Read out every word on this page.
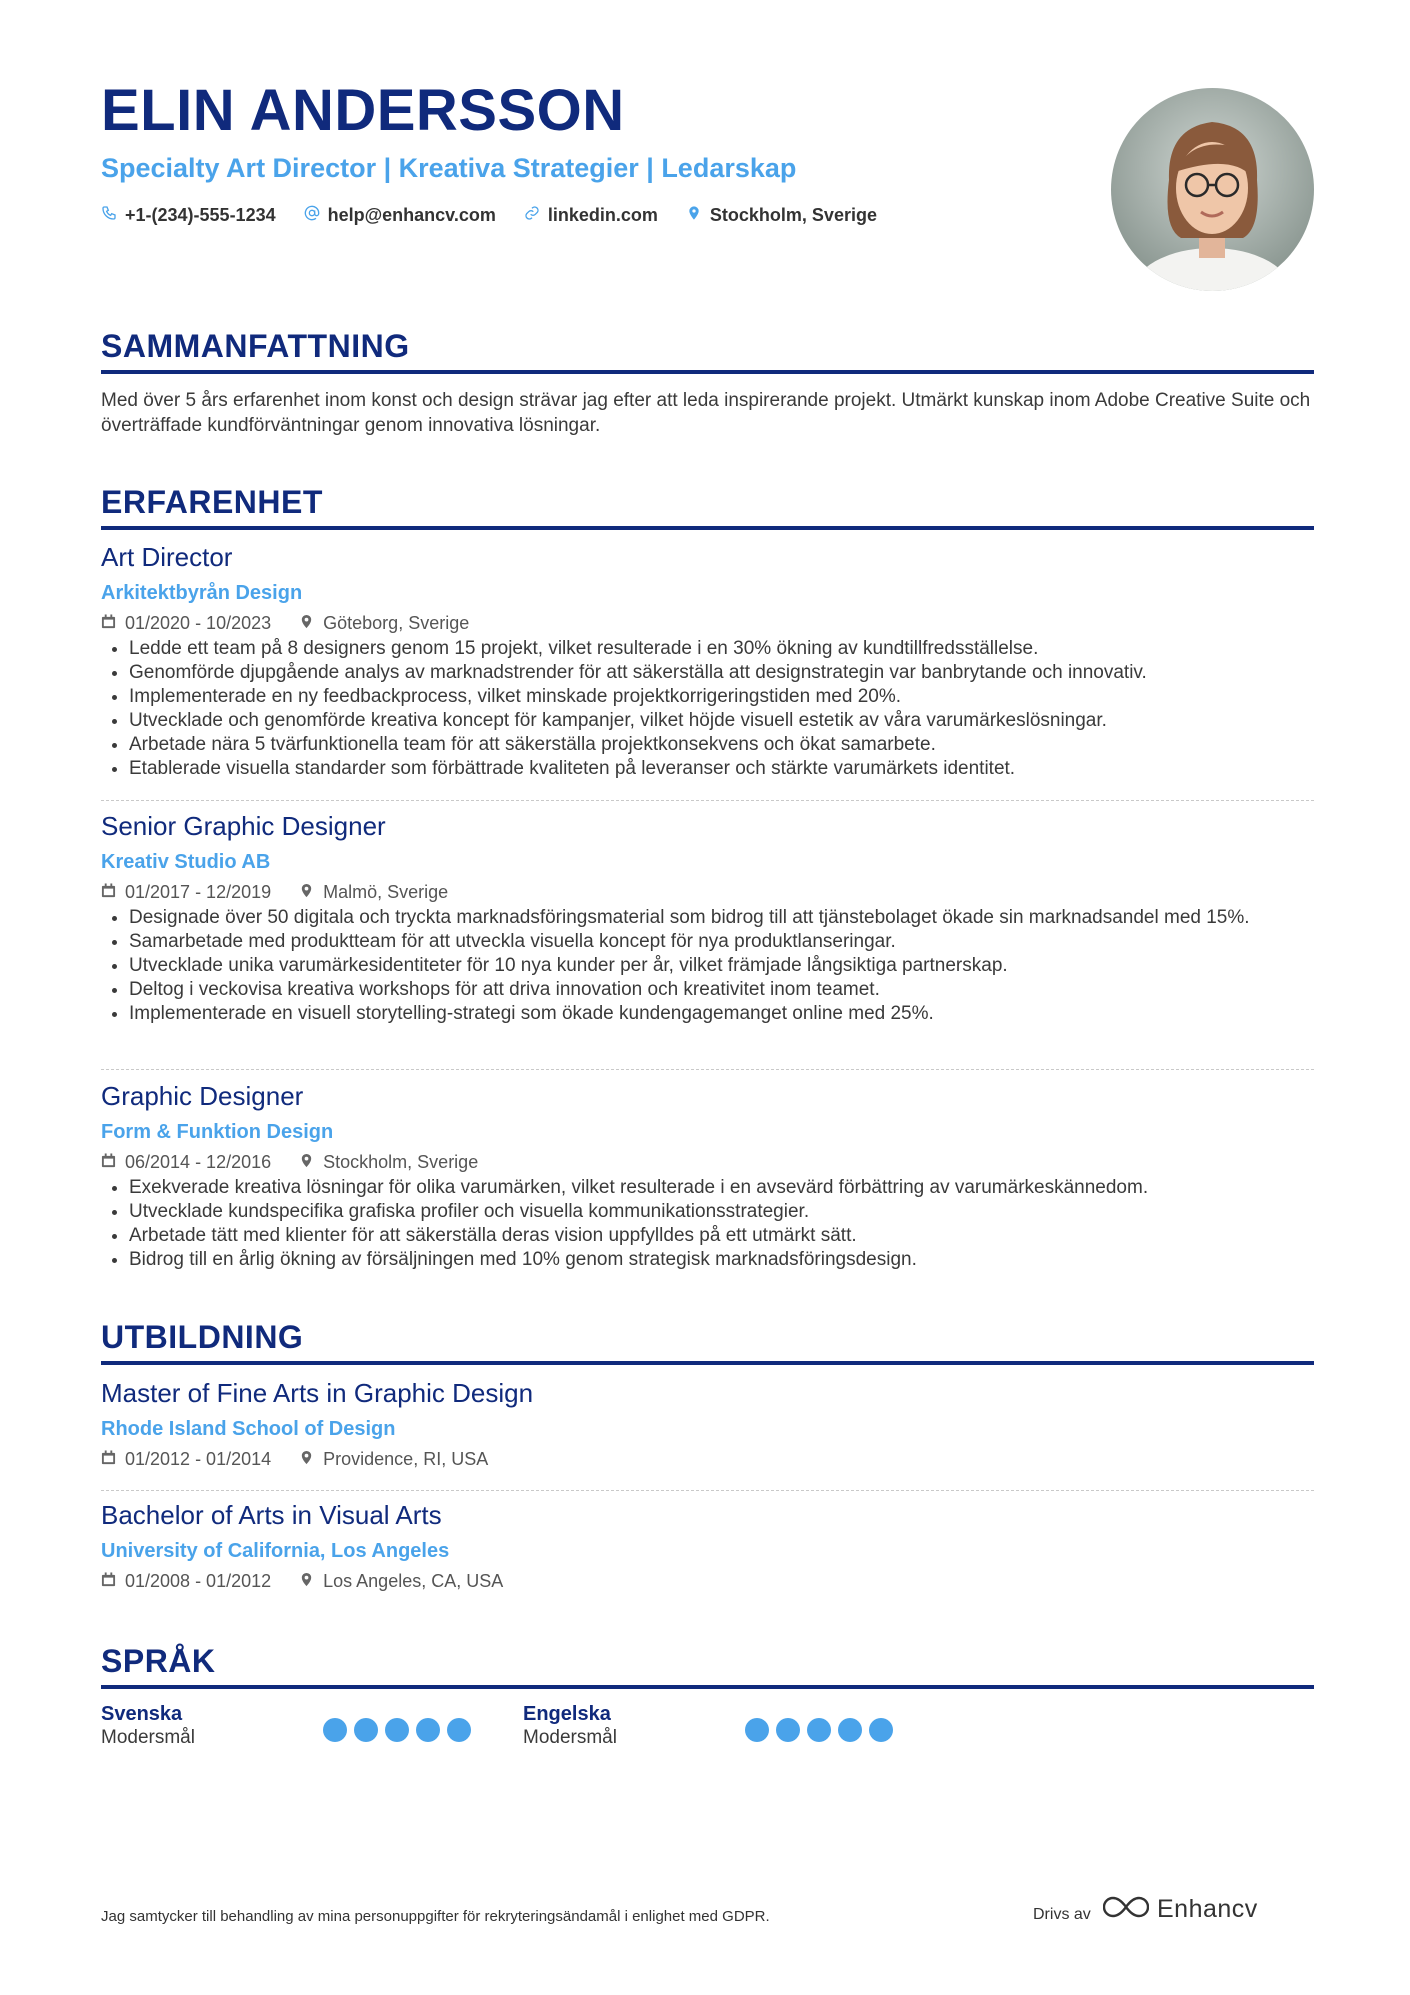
ELIN ANDERSSON
Specialty Art Director | Kreativa Strategier | Ledarskap
+1-(234)-555-1234	help@enhancv.com	linkedin.com	Stockholm, Sverige
SAMMANFATTNING

Med över 5 års erfarenhet inom konst och design strävar jag efter att leda inspirerande projekt. Utmärkt kunskap inom Adobe Creative Suite och överträffade kundförväntningar genom innovativa lösningar.

ERFARENHET
Art Director
Arkitektbyrån Design
01/2020 - 10/2023	Göteborg, Sverige
• Ledde ett team på 8 designers genom 15 projekt, vilket resulterade i en 30% ökning av kundtillfredsställelse.
• Genomförde djupgående analys av marknadstrender för att säkerställa att designstrategin var banbrytande och innovativ.
• Implementerade en ny feedbackprocess, vilket minskade projektkorrigeringstiden med 20%.
• Utvecklade och genomförde kreativa koncept för kampanjer, vilket höjde visuell estetik av våra varumärkeslösningar.
• Arbetade nära 5 tvärfunktionella team för att säkerställa projektkonsekvens och ökat samarbete.
• Etablerade visuella standarder som förbättrade kvaliteten på leveranser och stärkte varumärkets identitet.
Senior Graphic Designer
Kreativ Studio AB
01/2017 - 12/2019	Malmö, Sverige
• Designade över 50 digitala och tryckta marknadsföringsmaterial som bidrog till att tjänstebolaget ökade sin marknadsandel med 15%.
• Samarbetade med produktteam för att utveckla visuella koncept för nya produktlanseringar.
• Utvecklade unika varumärkesidentiteter för 10 nya kunder per år, vilket främjade långsiktiga partnerskap.
• Deltog i veckovisa kreativa workshops för att driva innovation och kreativitet inom teamet.
• Implementerade en visuell storytelling-strategi som ökade kundengagemanget online med 25%.
Graphic Designer
Form & Funktion Design
06/2014 - 12/2016	Stockholm, Sverige
• Exekverade kreativa lösningar för olika varumärken, vilket resulterade i en avsevärd förbättring av varumärkeskännedom.
• Utvecklade kundspecifika grafiska profiler och visuella kommunikationsstrategier.
• Arbetade tätt med klienter för att säkerställa deras vision uppfylldes på ett utmärkt sätt.
• Bidrog till en årlig ökning av försäljningen med 10% genom strategisk marknadsföringsdesign.
UTBILDNING
Master of Fine Arts in Graphic Design
Rhode Island School of Design
01/2012 - 01/2014	Providence, RI, USA
Bachelor of Arts in Visual Arts
University of California, Los Angeles
01/2008 - 01/2012	Los Angeles, CA, USA
SPRÅK
Svenska
Modersmål
Engelska
Modersmål
Jag samtycker till behandling av mina personuppgifter för rekryteringsändamål i enlighet med GDPR.	Drivs av	Enhancv
